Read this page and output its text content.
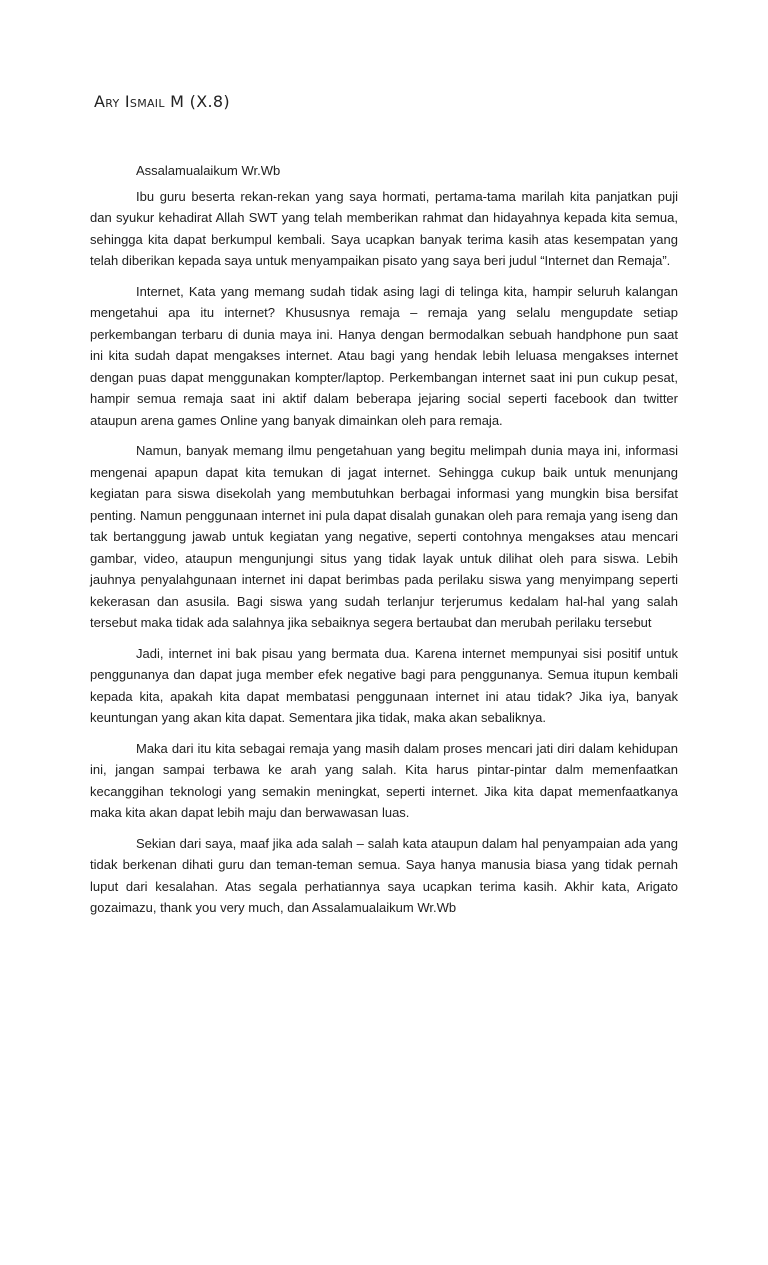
Ary Ismail M (X.8)

Assalamualaikum Wr.Wb

Ibu guru beserta rekan-rekan yang saya hormati, pertama-tama marilah kita panjatkan puji dan syukur kehadirat Allah SWT yang telah memberikan rahmat dan hidayahnya kepada kita semua, sehingga kita dapat berkumpul kembali. Saya ucapkan banyak terima kasih atas kesempatan yang telah diberikan kepada saya untuk menyampaikan pisato yang saya beri judul “Internet dan Remaja”.

Internet, Kata yang memang sudah tidak asing lagi di telinga kita, hampir seluruh kalangan mengetahui apa itu internet? Khususnya remaja – remaja yang selalu mengupdate setiap perkembangan terbaru di dunia maya ini. Hanya dengan bermodalkan sebuah handphone pun saat ini kita sudah dapat mengakses internet. Atau bagi yang hendak lebih leluasa mengakses internet dengan puas dapat menggunakan kompter/laptop. Perkembangan internet saat ini pun cukup pesat, hampir semua remaja saat ini aktif dalam beberapa jejaring social seperti facebook dan twitter ataupun arena games Online yang banyak dimainkan oleh para remaja.

Namun, banyak memang ilmu pengetahuan yang begitu melimpah dunia maya ini, informasi mengenai apapun dapat kita temukan di jagat internet. Sehingga cukup baik untuk menunjang kegiatan para siswa disekolah yang membutuhkan berbagai informasi yang mungkin bisa bersifat penting. Namun penggunaan internet ini pula dapat disalah gunakan oleh para remaja yang iseng dan tak bertanggung jawab untuk kegiatan yang negative, seperti contohnya mengakses atau mencari gambar, video, ataupun mengunjungi situs yang tidak layak untuk dilihat oleh para siswa. Lebih jauhnya penyalahgunaan internet ini dapat berimbas pada perilaku siswa yang menyimpang seperti kekerasan dan asusila. Bagi siswa yang sudah terlanjur terjerumus kedalam hal-hal yang salah tersebut maka tidak ada salahnya jika sebaiknya segera bertaubat dan merubah perilaku tersebut

Jadi, internet ini bak pisau yang bermata dua. Karena internet mempunyai sisi positif untuk penggunanya dan dapat juga member efek negative bagi para penggunanya. Semua itupun kembali kepada kita, apakah kita dapat membatasi penggunaan internet ini atau tidak? Jika iya, banyak keuntungan yang akan kita dapat. Sementara jika tidak, maka akan sebaliknya.

Maka dari itu kita sebagai remaja yang masih dalam proses mencari jati diri dalam kehidupan ini, jangan sampai terbawa ke arah yang salah. Kita harus pintar-pintar dalm memenfaatkan kecanggihan teknologi yang semakin meningkat, seperti internet. Jika kita dapat memenfaatkanya maka kita akan dapat lebih maju dan berwawasan luas.

Sekian dari saya, maaf jika ada salah – salah kata ataupun dalam hal penyampaian ada yang tidak berkenan dihati guru dan teman-teman semua. Saya hanya manusia biasa yang tidak pernah luput dari kesalahan. Atas segala perhatiannya saya ucapkan terima kasih. Akhir kata, Arigato gozaimazu, thank you very much, dan Assalamualaikum Wr.Wb
